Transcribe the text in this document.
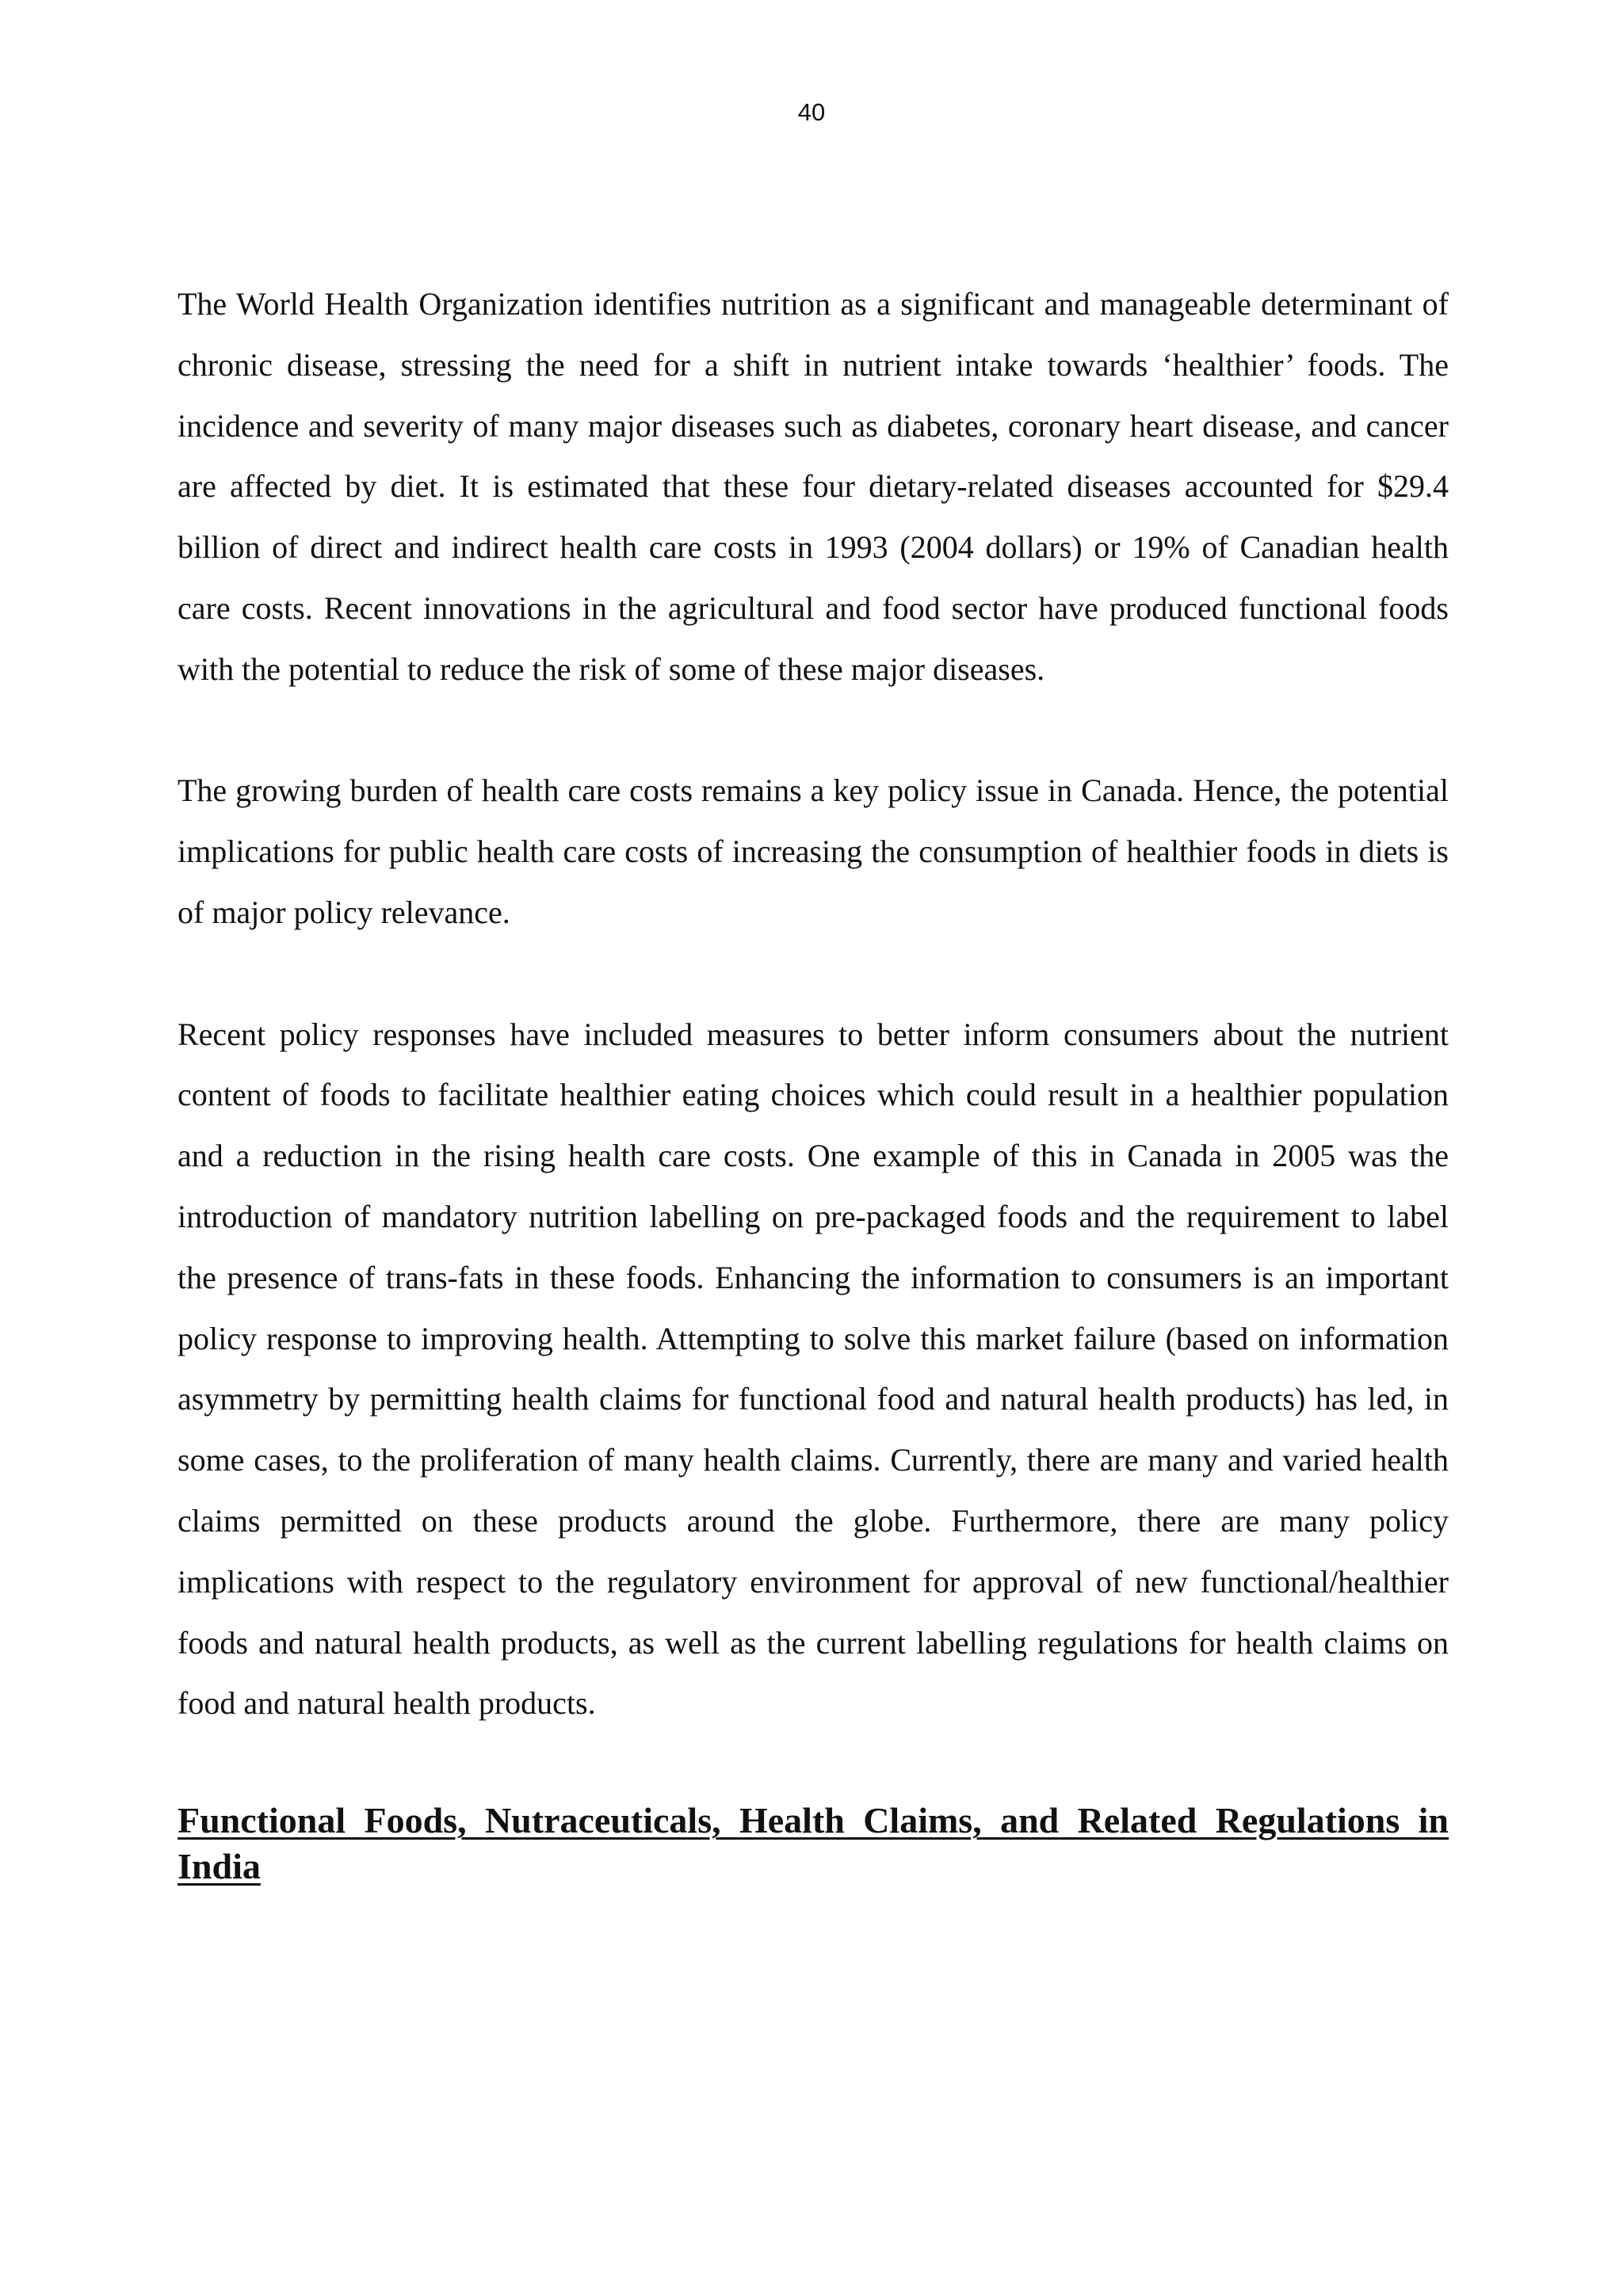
40

The World Health Organization identifies nutrition as a significant and manageable determinant of chronic disease, stressing the need for a shift in nutrient intake towards ‘healthier’ foods. The incidence and severity of many major diseases such as diabetes, coronary heart disease, and cancer are affected by diet. It is estimated that these four dietary-related diseases accounted for $29.4 billion of direct and indirect health care costs in 1993 (2004 dollars) or 19% of Canadian health care costs. Recent innovations in the agricultural and food sector have produced functional foods with the potential to reduce the risk of some of these major diseases.

The growing burden of health care costs remains a key policy issue in Canada. Hence, the potential implications for public health care costs of increasing the consumption of healthier foods in diets is of major policy relevance.

Recent policy responses have included measures to better inform consumers about the nutrient content of foods to facilitate healthier eating choices which could result in a healthier population and a reduction in the rising health care costs. One example of this in Canada in 2005 was the introduction of mandatory nutrition labelling on pre-packaged foods and the requirement to label the presence of trans-fats in these foods. Enhancing the information to consumers is an important policy response to improving health. Attempting to solve this market failure (based on information asymmetry by permitting health claims for functional food and natural health products) has led, in some cases, to the proliferation of many health claims. Currently, there are many and varied health claims permitted on these products around the globe. Furthermore, there are many policy implications with respect to the regulatory environment for approval of new functional/healthier foods and natural health products, as well as the current labelling regulations for health claims on food and natural health products.

Functional Foods, Nutraceuticals, Health Claims, and Related Regulations in India
